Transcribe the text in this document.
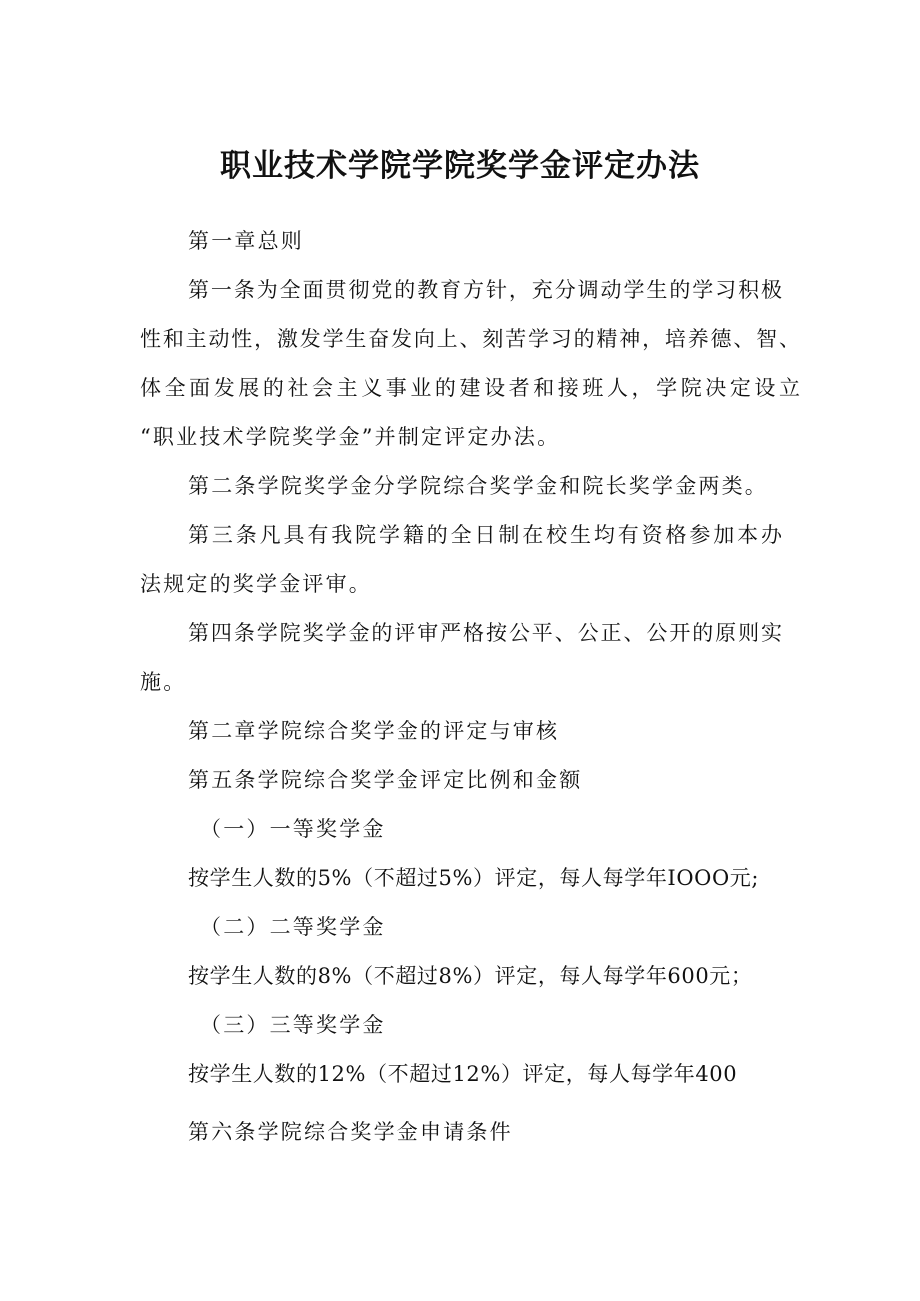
职业技术学院学院奖学金评定办法
第一章总则
第一条为全面贯彻党的教育方针，充分调动学生的学习积极
性和主动性，激发学生奋发向上、刻苦学习的精神，培养德、智、
体全面发展的社会主义事业的建设者和接班人，学院决定设立
“职业技术学院奖学金”并制定评定办法。
第二条学院奖学金分学院综合奖学金和院长奖学金两类。
第三条凡具有我院学籍的全日制在校生均有资格参加本办
法规定的奖学金评审。
第四条学院奖学金的评审严格按公平、公正、公开的原则实
施。
第二章学院综合奖学金的评定与审核
第五条学院综合奖学金评定比例和金额
（一）一等奖学金
按学生人数的5%（不超过5%）评定，每人每学年IOOO元;
（二）二等奖学金
按学生人数的8%（不超过8%）评定，每人每学年600元；
（三）三等奖学金
按学生人数的12%（不超过12%）评定，每人每学年400
第六条学院综合奖学金申请条件
